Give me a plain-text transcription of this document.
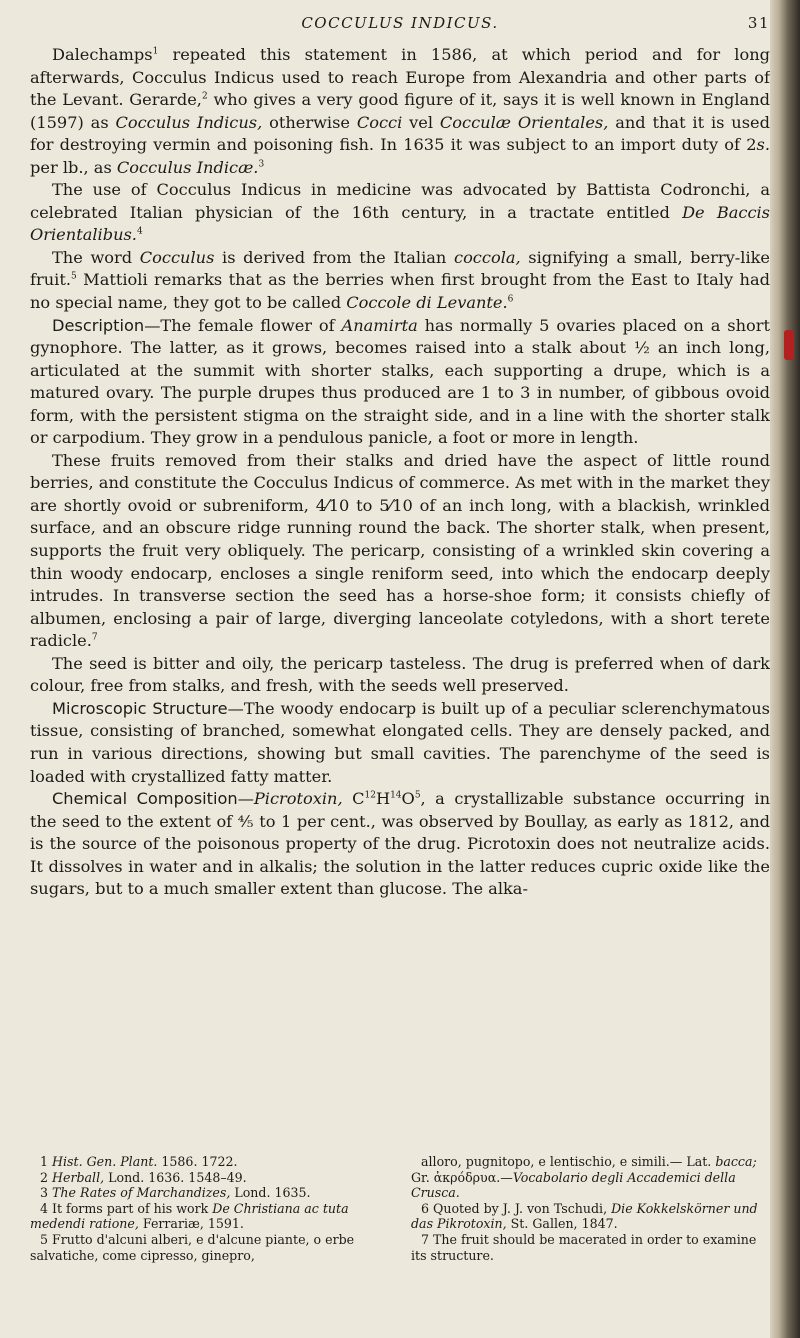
COCCULUS INDICUS.	31

Dalechamps$^1$ repeated this statement in 1586, at which period and for long afterwards, Cocculus Indicus used to reach Europe from Alexandria and other parts of the Levant. Gerarde,$^2$ who gives a very good figure of it, says it is well known in England (1597) as Cocculus Indicus, otherwise Cocci vel Cocculæ Orientales, and that it is used for destroying vermin and poisoning fish. In 1635 it was subject to an import duty of 2s. per lb., as Cocculus Indicæ.$^3$

The use of Cocculus Indicus in medicine was advocated by Battista Codronchi, a celebrated Italian physician of the 16th century, in a tractate entitled De Baccis Orientalibus.$^4$

The word Cocculus is derived from the Italian coccola, signifying a small, berry-like fruit.$^5$ Mattioli remarks that as the berries when first brought from the East to Italy had no special name, they got to be called Coccole di Levante.$^6$

Description—The female flower of Anamirta has normally 5 ovaries placed on a short gynophore. The latter, as it grows, becomes raised into a stalk about ½ an inch long, articulated at the summit with shorter stalks, each supporting a drupe, which is a matured ovary. The purple drupes thus produced are 1 to 3 in number, of gibbous ovoid form, with the persistent stigma on the straight side, and in a line with the shorter stalk or carpodium. They grow in a pendulous panicle, a foot or more in length.

These fruits removed from their stalks and dried have the aspect of little round berries, and constitute the Cocculus Indicus of commerce. As met with in the market they are shortly ovoid or subreniform, 4⁄10 to 5⁄10 of an inch long, with a blackish, wrinkled surface, and an obscure ridge running round the back. The shorter stalk, when present, supports the fruit very obliquely. The pericarp, consisting of a wrinkled skin covering a thin woody endocarp, encloses a single reniform seed, into which the endocarp deeply intrudes. In transverse section the seed has a horse-shoe form; it consists chiefly of albumen, enclosing a pair of large, diverging lanceolate cotyledons, with a short terete radicle.$^7$

The seed is bitter and oily, the pericarp tasteless. The drug is preferred when of dark colour, free from stalks, and fresh, with the seeds well preserved.

Microscopic Structure—The woody endocarp is built up of a peculiar sclerenchymatous tissue, consisting of branched, somewhat elongated cells. They are densely packed, and run in various directions, showing but small cavities. The parenchyme of the seed is loaded with crystallized fatty matter.

Chemical Composition—Picrotoxin, $C^{12}H^{14}O^5$, a crystallizable substance occurring in the seed to the extent of ⅘ to 1 per cent., was observed by Boullay, as early as 1812, and is the source of the poisonous property of the drug. Picrotoxin does not neutralize acids. It dissolves in water and in alkalis; the solution in the latter reduces cupric oxide like the sugars, but to a much smaller extent than glucose. The alka-

1 Hist. Gen. Plant. 1586. 1722.

2 Herball, Lond. 1636. 1548–49.

3 The Rates of Marchandizes, Lond. 1635.

4 It forms part of his work De Christiana ac tuta medendi ratione, Ferrariæ, 1591.

5 Frutto d'alcuni alberi, e d'alcune piante, o erbe salvatiche, come cipresso, ginepro,

alloro, pugnitopo, e lentischio, e simili.— Lat. bacca; Gr. ἀκρόδρυα.—Vocabolario degli Accademici della Crusca.

6 Quoted by J. J. von Tschudi, Die Kokkelskörner und das Pikrotoxin, St. Gallen, 1847.

7 The fruit should be macerated in order to examine its structure.
